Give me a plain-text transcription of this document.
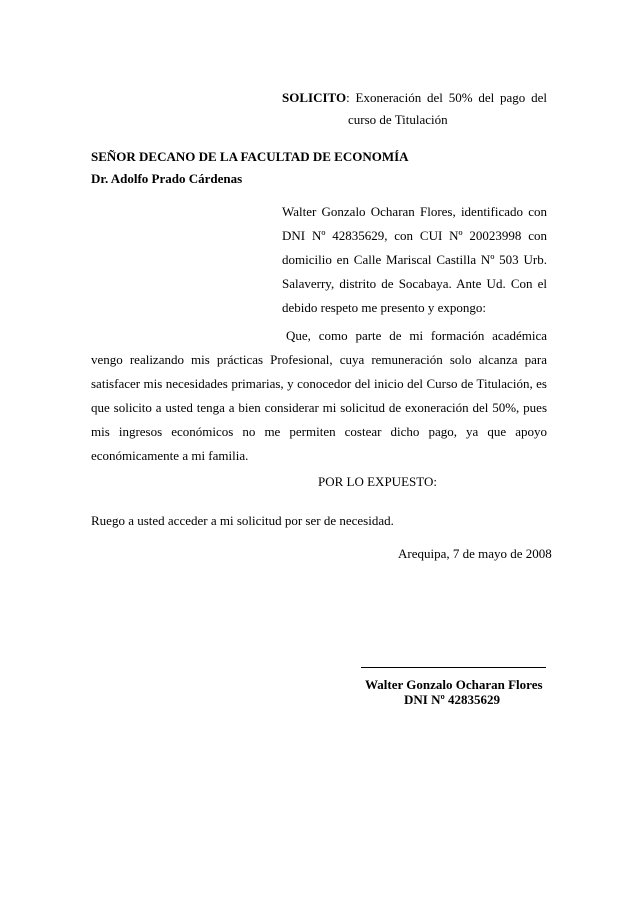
SOLICITO: Exoneración del 50% del pago del
curso de Titulación
SEÑOR DECANO DE LA FACULTAD DE ECONOMÍA
Dr. Adolfo Prado Cárdenas
Walter Gonzalo Ocharan Flores, identificado con
DNI Nº 42835629, con CUI Nº 20023998 con
domicilio en Calle Mariscal Castilla Nº 503 Urb.
Salaverry, distrito de Socabaya. Ante Ud. Con el
debido respeto me presento y expongo:
Que, como parte de mi formación académica
vengo realizando mis prácticas Profesional, cuya remuneración solo alcanza para
satisfacer mis necesidades primarias, y conocedor del inicio del Curso de Titulación, es
que solicito a usted tenga a bien considerar mi solicitud de exoneración del 50%, pues
mis ingresos económicos no me permiten costear dicho pago, ya que apoyo
económicamente a mi familia.
POR LO EXPUESTO:
Ruego a usted acceder a mi solicitud por ser de necesidad.
Arequipa, 7 de mayo de 2008
Walter Gonzalo Ocharan Flores
DNI Nº 42835629
